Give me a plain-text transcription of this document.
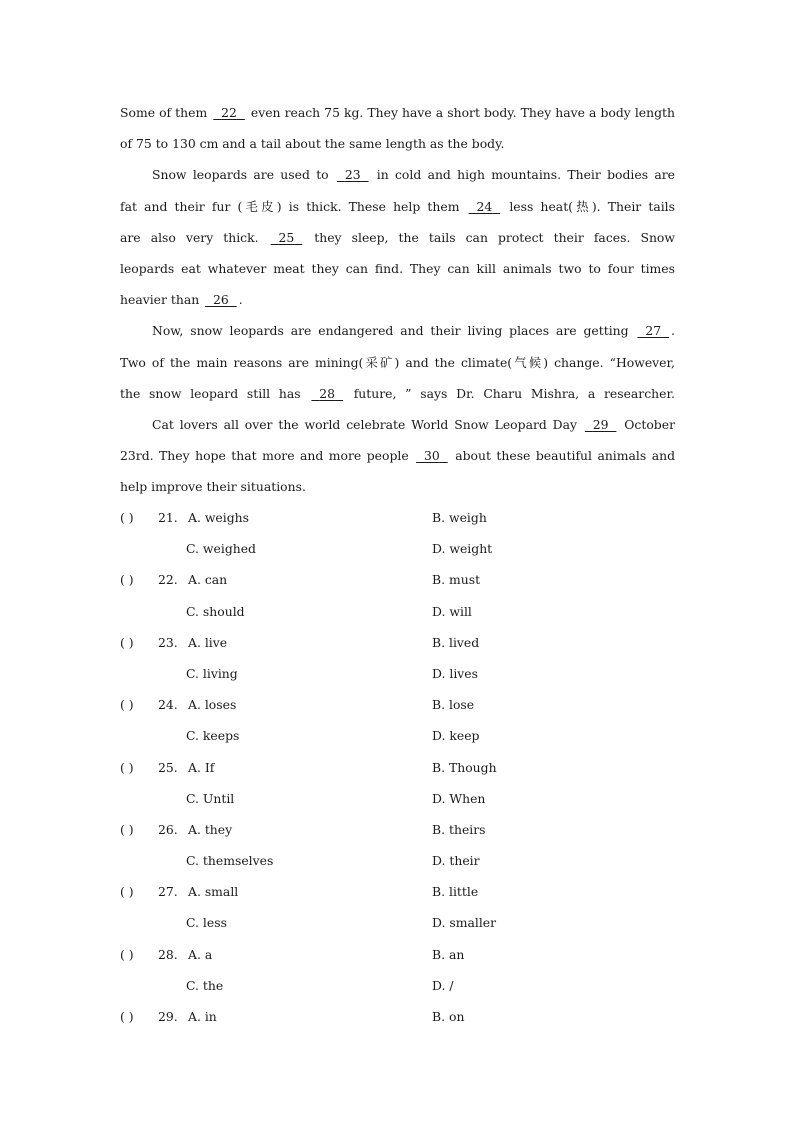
Some of them   22   even reach 75 kg. They have a short body. They have a body length
of 75 to 130 cm and a tail about the same length as the body.
Snow leopards are used to   23   in cold and high mountains. Their bodies are
fat and their fur (毛皮) is thick. These help them   24   less heat(热). Their tails
are also very thick.   25   they sleep, the tails can protect their faces. Snow
leopards eat whatever meat they can find. They can kill animals two to four times
heavier than   26 .
Now, snow leopards are endangered and their living places are getting   27 .
Two of the main reasons are mining(采矿) and the climate(气候) change. “However,
the snow leopard still has   28   future, ” says Dr. Charu Mishra, a researcher.
Cat lovers all over the world celebrate World Snow Leopard Day   29   October
23rd. They hope that more and more people   30   about these beautiful animals and
help improve their situations.
( ) 21. A. weighs	B. weigh
C. weighed	D. weight
( ) 22. A. can	B. must
C. should	D. will
( ) 23. A. live	B. lived
C. living	D. lives
( ) 24. A. loses	B. lose
C. keeps	D. keep
( ) 25. A. If	B. Though
C. Until	D. When
( ) 26. A. they	B. theirs
C. themselves	D. their
( ) 27. A. small	B. little
C. less	D. smaller
( ) 28. A. a	B. an
C. the	D. /
( ) 29. A. in	B. on
